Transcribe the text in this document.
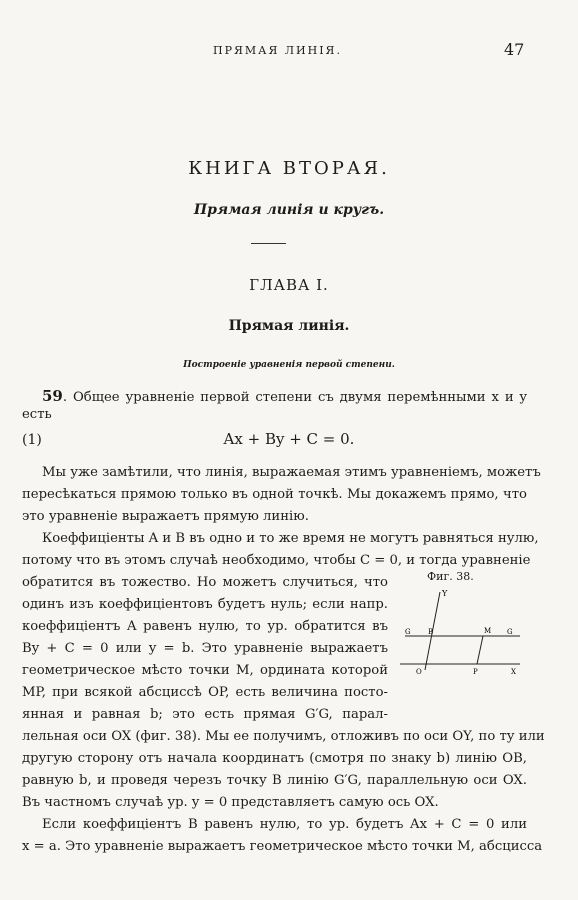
ПРЯМАЯ ЛИНІЯ.	47
КНИГА ВТОРАЯ.
Прямая линія и кругъ.
ГЛАВА I.
Прямая линія.
Построеніе уравненія первой степени.
59. Общее уравненіе первой степени съ двумя перемѣнными x и y
есть
(1)	Ax + By + C = 0.
Мы уже замѣтили, что линія, выражаемая этимъ уравненіемъ, можетъ
пересѣкаться прямою только въ одной точкѣ. Мы докажемъ прямо, что
это уравненіе выражаетъ прямую линію.
Коеффиціенты A и B въ одно и то же время не могутъ равняться нулю,
потому что въ этомъ случаѣ необходимо, чтобы C = 0, и тогда уравненіе
обратится въ тожество. Но можетъ случиться, что
одинъ изъ коеффиціентовъ будетъ нуль; если напр.
коеффиціентъ A равенъ нулю, то ур. обратится въ
By + C = 0 или y = b. Это уравненіе выражаетъ
геометрическое мѣсто точки M, ордината которой
MP, при всякой абсциссѣ OP, есть величина посто-
янная и равная b; это есть прямая G′G, парал-
лельная оси OX (фиг. 38). Мы ее получимъ, отложивъ по оси OY, по ту или
другую сторону отъ начала координатъ (смотря по знаку b) линію OB,
равную b, и проведя черезъ точку B линію G′G, параллельную оси OX.
Въ частномъ случаѣ ур. y = 0 представляетъ самую ось OX.
Если коеффиціентъ B равенъ нулю, то ур. будетъ Ax + C = 0 или
x = a. Это уравненіе выражаетъ геометрическое мѣсто точки M, абсцисса
Фиг. 38.
Y
G B	M G
O	P	X
